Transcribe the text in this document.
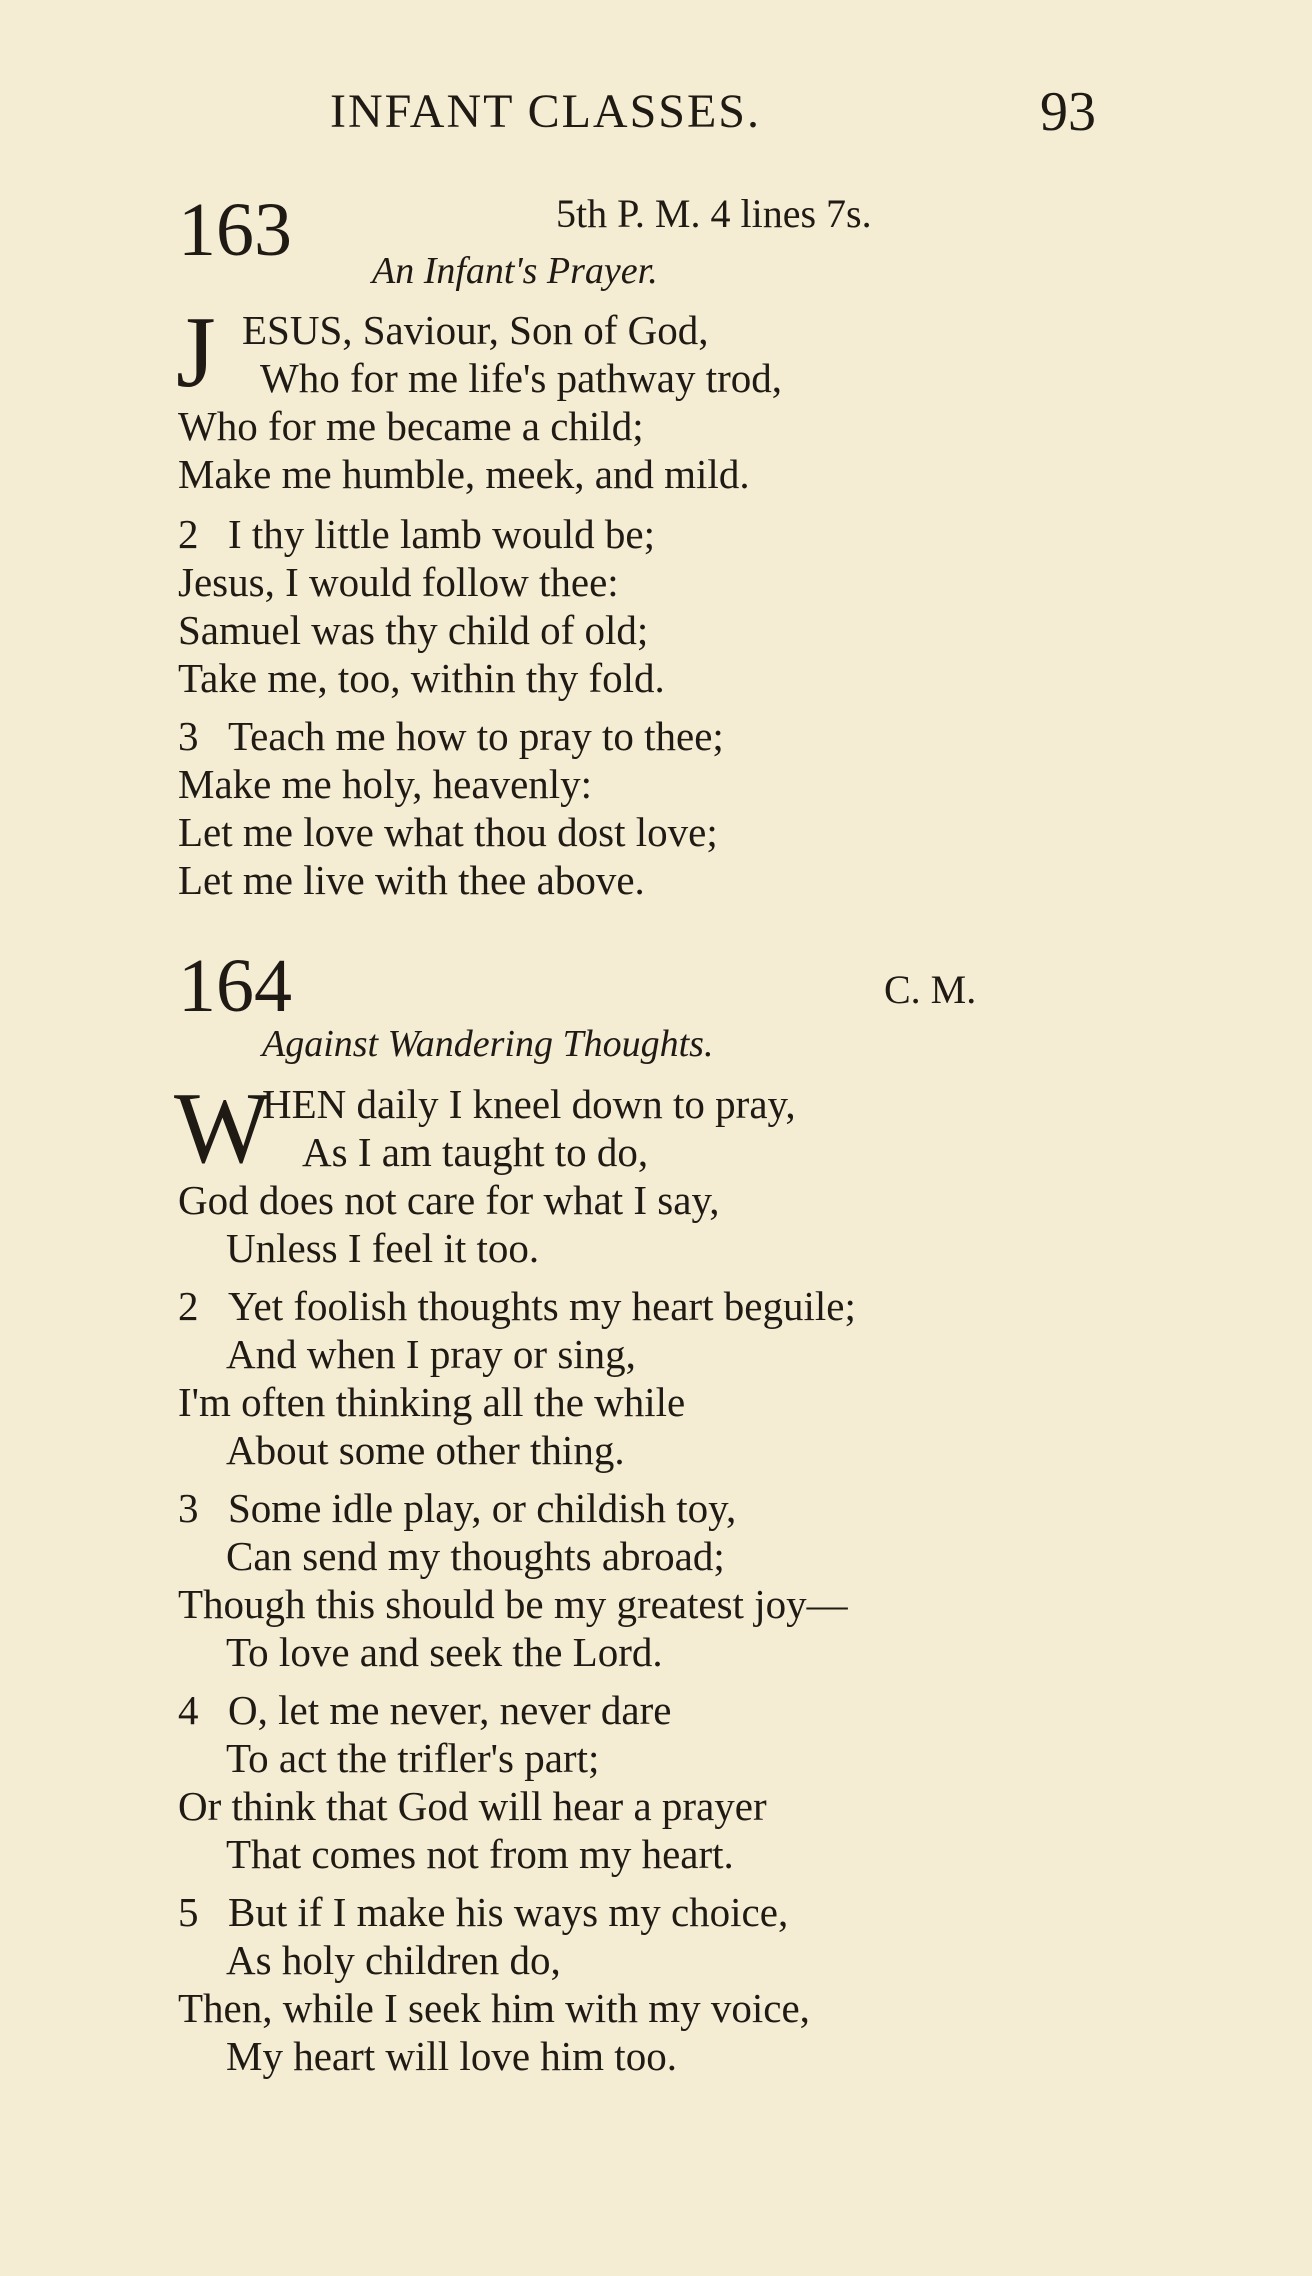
INFANT CLASSES.	93
163	5th P. M. 4 lines 7s.
An Infant's Prayer.
J ESUS, Saviour, Son of God,
Who for me life's pathway trod,
Who for me became a child;
Make me humble, meek, and mild.
2 I thy little lamb would be;
Jesus, I would follow thee:
Samuel was thy child of old;
Take me, too, within thy fold.
3 Teach me how to pray to thee;
Make me holy, heavenly:
Let me love what thou dost love;
Let me live with thee above.
164	C. M.
Against Wandering Thoughts.
W
HEN daily I kneel down to pray,
As I am taught to do,
God does not care for what I say,
Unless I feel it too.
2 Yet foolish thoughts my heart beguile;
And when I pray or sing,
I'm often thinking all the while
About some other thing.
3 Some idle play, or childish toy,
Can send my thoughts abroad;
Though this should be my greatest joy—
To love and seek the Lord.
4 O, let me never, never dare
To act the trifler's part;
Or think that God will hear a prayer
That comes not from my heart.
5 But if I make his ways my choice,
As holy children do,
Then, while I seek him with my voice,
My heart will love him too.
